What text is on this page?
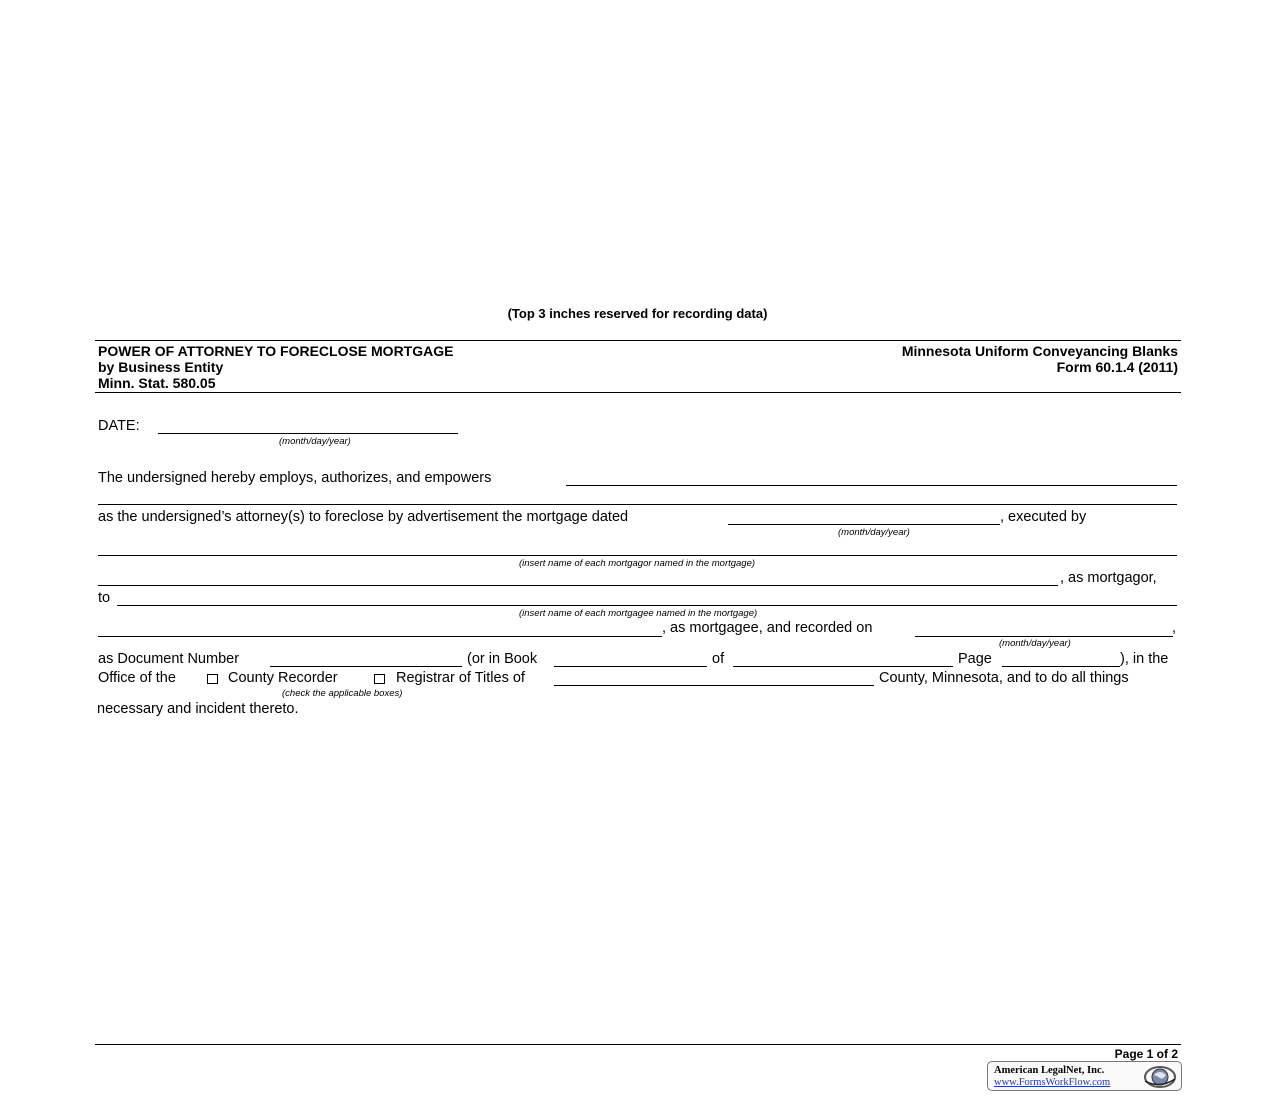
(Top 3 inches reserved for recording data)
POWER OF ATTORNEY TO FORECLOSE MORTGAGE
by Business Entity
Minn. Stat. 580.05
Minnesota Uniform Conveyancing Blanks
Form 60.1.4 (2011)
DATE:
(month/day/year)
The undersigned hereby employs, authorizes, and empowers
as the undersigned’s attorney(s) to foreclose by advertisement the mortgage dated	, executed by
(month/day/year)
(insert name of each mortgagor named in the mortgage)
, as mortgagor,
to
(insert name of each mortgagee named in the mortgage)
, as mortgagee, and recorded on	,
(month/day/year)
as Document Number	(or in Book	of	Page	), in the
Office of the	County Recorder	Registrar of Titles of	County, Minnesota, and to do all things
(check the applicable boxes)
necessary and incident thereto.
Page 1 of 2
American LegalNet, Inc.
www.FormsWorkFlow.com
